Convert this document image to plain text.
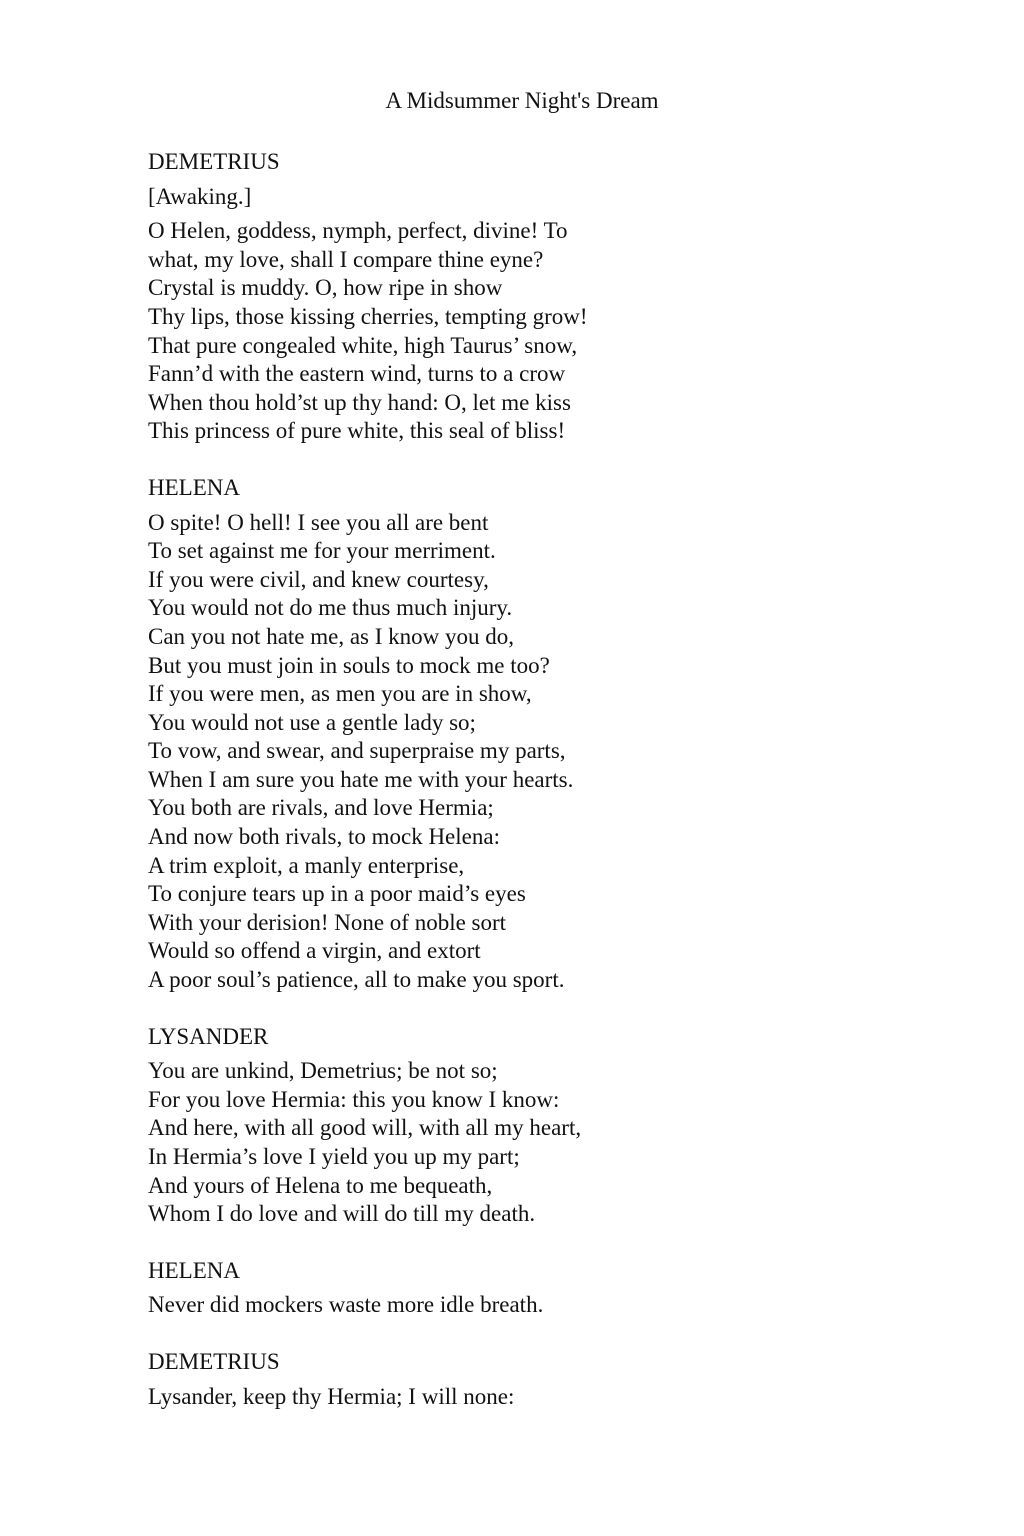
A Midsummer Night's Dream
DEMETRIUS
[Awaking.]
O Helen, goddess, nymph, perfect, divine! To
what, my love, shall I compare thine eyne?
Crystal is muddy. O, how ripe in show
Thy lips, those kissing cherries, tempting grow!
That pure congealed white, high Taurus’ snow,
Fann’d with the eastern wind, turns to a crow
When thou hold’st up thy hand: O, let me kiss
This princess of pure white, this seal of bliss!
HELENA
O spite! O hell! I see you all are bent
To set against me for your merriment.
If you were civil, and knew courtesy,
You would not do me thus much injury.
Can you not hate me, as I know you do,
But you must join in souls to mock me too?
If you were men, as men you are in show,
You would not use a gentle lady so;
To vow, and swear, and superpraise my parts,
When I am sure you hate me with your hearts.
You both are rivals, and love Hermia;
And now both rivals, to mock Helena:
A trim exploit, a manly enterprise,
To conjure tears up in a poor maid’s eyes
With your derision! None of noble sort
Would so offend a virgin, and extort
A poor soul’s patience, all to make you sport.
LYSANDER
You are unkind, Demetrius; be not so;
For you love Hermia: this you know I know:
And here, with all good will, with all my heart,
In Hermia’s love I yield you up my part;
And yours of Helena to me bequeath,
Whom I do love and will do till my death.
HELENA
Never did mockers waste more idle breath.
DEMETRIUS
Lysander, keep thy Hermia; I will none:
